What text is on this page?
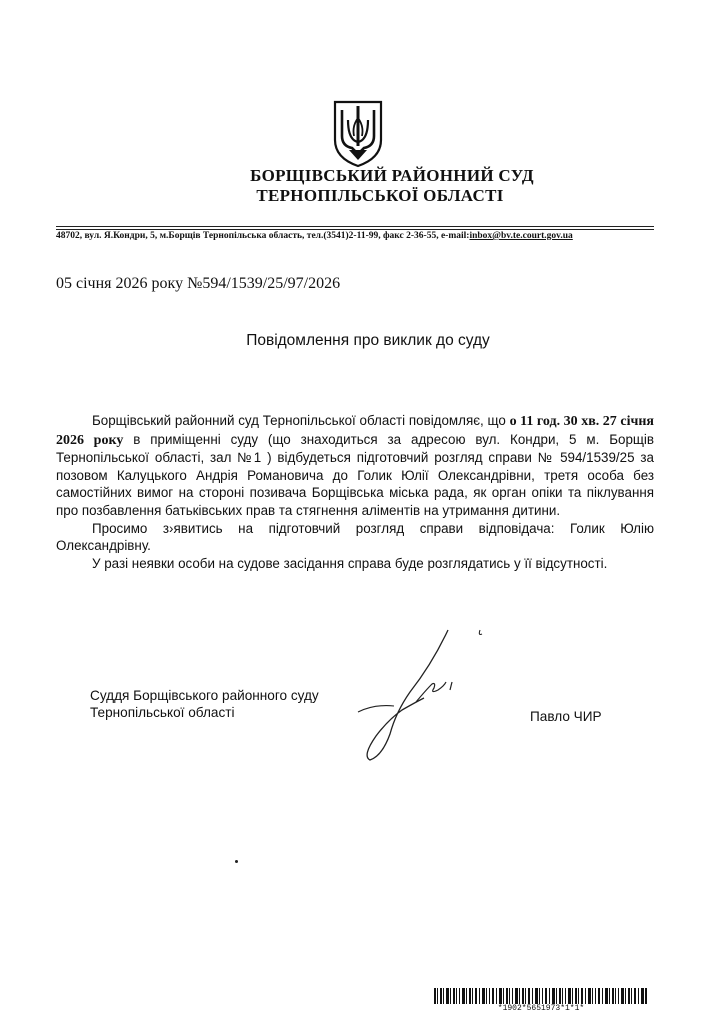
БОРЩІВСЬКИЙ РАЙОННИЙ СУД
ТЕРНОПІЛЬСЬКОЇ ОБЛАСТІ
48702, вул. Я.Кондри, 5, м.Борщів Тернопільська область, тел.(3541)2-11-99, факс 2-36-55, e-mail:inbox@bv.te.court.gov.ua
05 січня 2026 року №594/1539/25/97/2026
Повідомлення про виклик до суду

Борщівський районний суд Тернопільської області повідомляє, що о 11 год. 30 хв. 27 січня 2026 року в приміщенні суду (що знаходиться за адресою вул. Кондри, 5 м. Борщів Тернопільської області, зал №1 ) відбудеться підготовчий розгляд справи № 594/1539/25 за позовом Калуцького Андрія Романовича до Голик Юлії Олександрівни, третя особа без самостійних вимог на стороні позивача Борщівська міська рада, як орган опіки та піклування про позбавлення батьківських прав та стягнення аліментів на утримання дитини.

Просимо з›явитись на підготовчий розгляд справи відповідача: Голик Юлію Олександрівну.

У разі неявки особи на судове засідання справа буде розглядатись у її відсутності.

Суддя Борщівського районного суду
Тернопільської області	Павло ЧИР
*1902*5651973*1*1*
